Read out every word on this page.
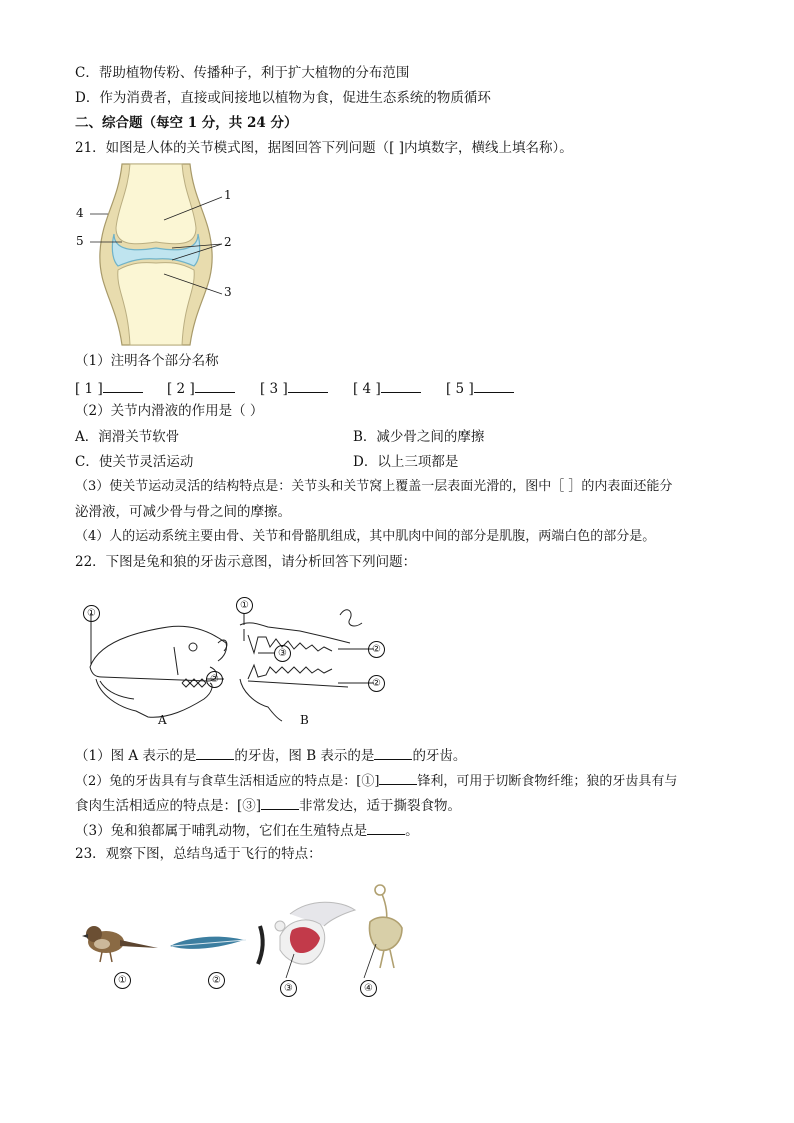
C．帮助植物传粉、传播种子，利于扩大植物的分布范围
D．作为消费者，直接或间接地以植物为食，促进生态系统的物质循环
二、综合题（每空 1 分，共 24 分）
21．如图是人体的关节模式图，据图回答下列问题（[ ]内填数字，横线上填名称）。
1
2
3
4
5
（1）注明各个部分名称
[ 1 ]	[ 2 ]	[ 3 ]	[ 4 ]	[ 5 ]
（2）关节内滑液的作用是（ ）
A．润滑关节软骨	B．减少骨之间的摩擦
C．使关节灵活运动	D．以上三项都是
（3）使关节运动灵活的结构特点是：关节头和关节窝上覆盖一层表面光滑的，图中［ ］的内表面还能分
泌滑液，可减少骨与骨之间的摩擦。
（4）人的运动系统主要由骨、关节和骨骼肌组成，其中肌肉中间的部分是肌腹，两端白色的部分是。
22．下图是兔和狼的牙齿示意图，请分析回答下列问题：
①
②
①
②
③
②
A	B
（1）图 A 表示的是	的牙齿，图 B 表示的是	的牙齿。
（2）兔的牙齿具有与食草生活相适应的特点是：[①]	锋利，可用于切断食物纤维；狼的牙齿具有与
食肉生活相适应的特点是：[③]	非常发达，适于撕裂食物。
（3）兔和狼都属于哺乳动物，它们在生殖特点是	。
23．观察下图，总结鸟适于飞行的特点：
①	②
③	④
